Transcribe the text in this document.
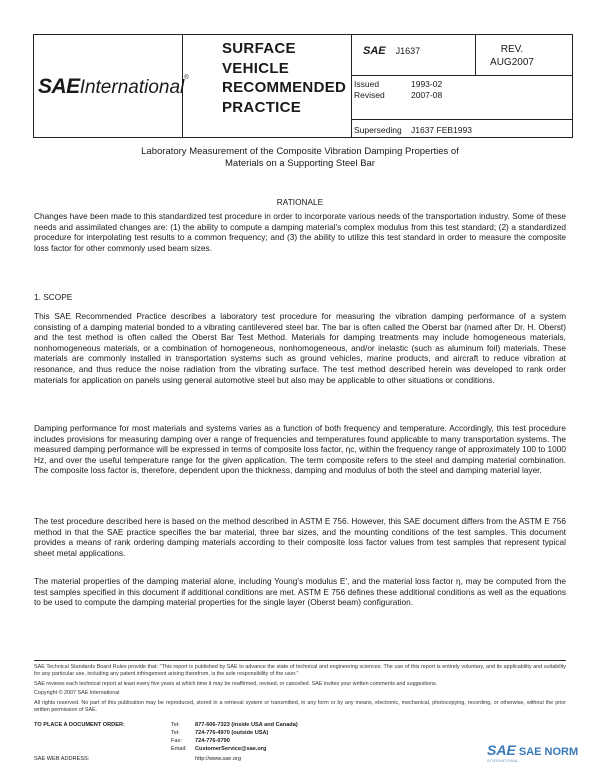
SAEInternational®
SURFACE
VEHICLE
RECOMMENDED
PRACTICE
SAE J1637	REV.
AUG2007
Issued	1993-02
Revised	2007-08
Superseding J1637 FEB1993
Laboratory Measurement of the Composite Vibration Damping Properties of
Materials on a Supporting Steel Bar
RATIONALE
Changes have been made to this standardized test procedure in order to incorporate various needs of the transportation industry. Some of these needs and assimilated changes are: (1) the ability to compute a damping material's complex modulus from this test standard; (2) a standardized procedure for interpolating test results to a common frequency; and (3) the ability to utilize this test standard in order to measure the composite loss factor for other commonly used beam sizes.
1. SCOPE
This SAE Recommended Practice describes a laboratory test procedure for measuring the vibration damping performance of a system consisting of a damping material bonded to a vibrating cantilevered steel bar. The bar is often called the Oberst bar (named after Dr. H. Oberst) and the test method is often called the Oberst Bar Test Method. Materials for damping treatments may include homogeneous materials, nonhomogeneous materials, or a combination of homogeneous, nonhomogeneous, and/or inelastic (such as aluminum foil) materials. These materials are commonly installed in transportation systems such as ground vehicles, marine products, and aircraft to reduce vibration at resonance, and thus reduce the noise radiation from the vibrating surface. The test method described herein was developed to rank order materials for application on panels using general automotive steel but also may be applicable to other situations or conditions.
Damping performance for most materials and systems varies as a function of both frequency and temperature. Accordingly, this test procedure includes provisions for measuring damping over a range of frequencies and temperatures found applicable to many transportation systems. The measured damping performance will be expressed in terms of composite loss factor, ηc, within the frequency range of approximately 100 to 1000 Hz, and over the useful temperature range for the given application. The term composite refers to the steel and damping material combination. The composite loss factor is, therefore, dependent upon the thickness, damping and modulus of both the steel and damping material layer.
The test procedure described here is based on the method described in ASTM E 756. However, this SAE document differs from the ASTM E 756 method in that the SAE practice specifies the bar material, three bar sizes, and the mounting conditions of the test samples. This document provides a means of rank ordering damping materials according to their composite loss factor values from test samples that represent typical sheet metal applications.
The material properties of the damping material alone, including Young's modulus E', and the material loss factor η, may be computed from the test samples specified in this document if additional conditions are met. ASTM E 756 defines these additional conditions as well as the equations to be used to compute the damping material properties for the single layer (Oberst beam) configuration.
SAE Technical Standards Board Rules provide that: "This report is published by SAE to advance the state of technical and engineering sciences. The use of this report is entirely voluntary, and its applicability and suitability for any particular use, including any patent infringement arising therefrom, is the sole responsibility of the user."
SAE reviews each technical report at least every five years at which time it may be reaffirmed, revised, or cancelled. SAE invites your written comments and suggestions.
Copyright © 2007 SAE International
All rights reserved. No part of this publication may be reproduced, stored in a retrieval system or transmitted, in any form or by any means, electronic, mechanical, photocopying, recording, or otherwise, without the prior written permission of SAE.
TO PLACE A DOCUMENT ORDER:	Tel:	877-606-7323 (inside USA and Canada)
Tel:	724-776-4970 (outside USA)
Fax: 724-776-0790
Email: CustomerService@sae.org
SAE WEB ADDRESS:	http://www.sae.org
SAE SAE NORM
INTERNATIONAL
